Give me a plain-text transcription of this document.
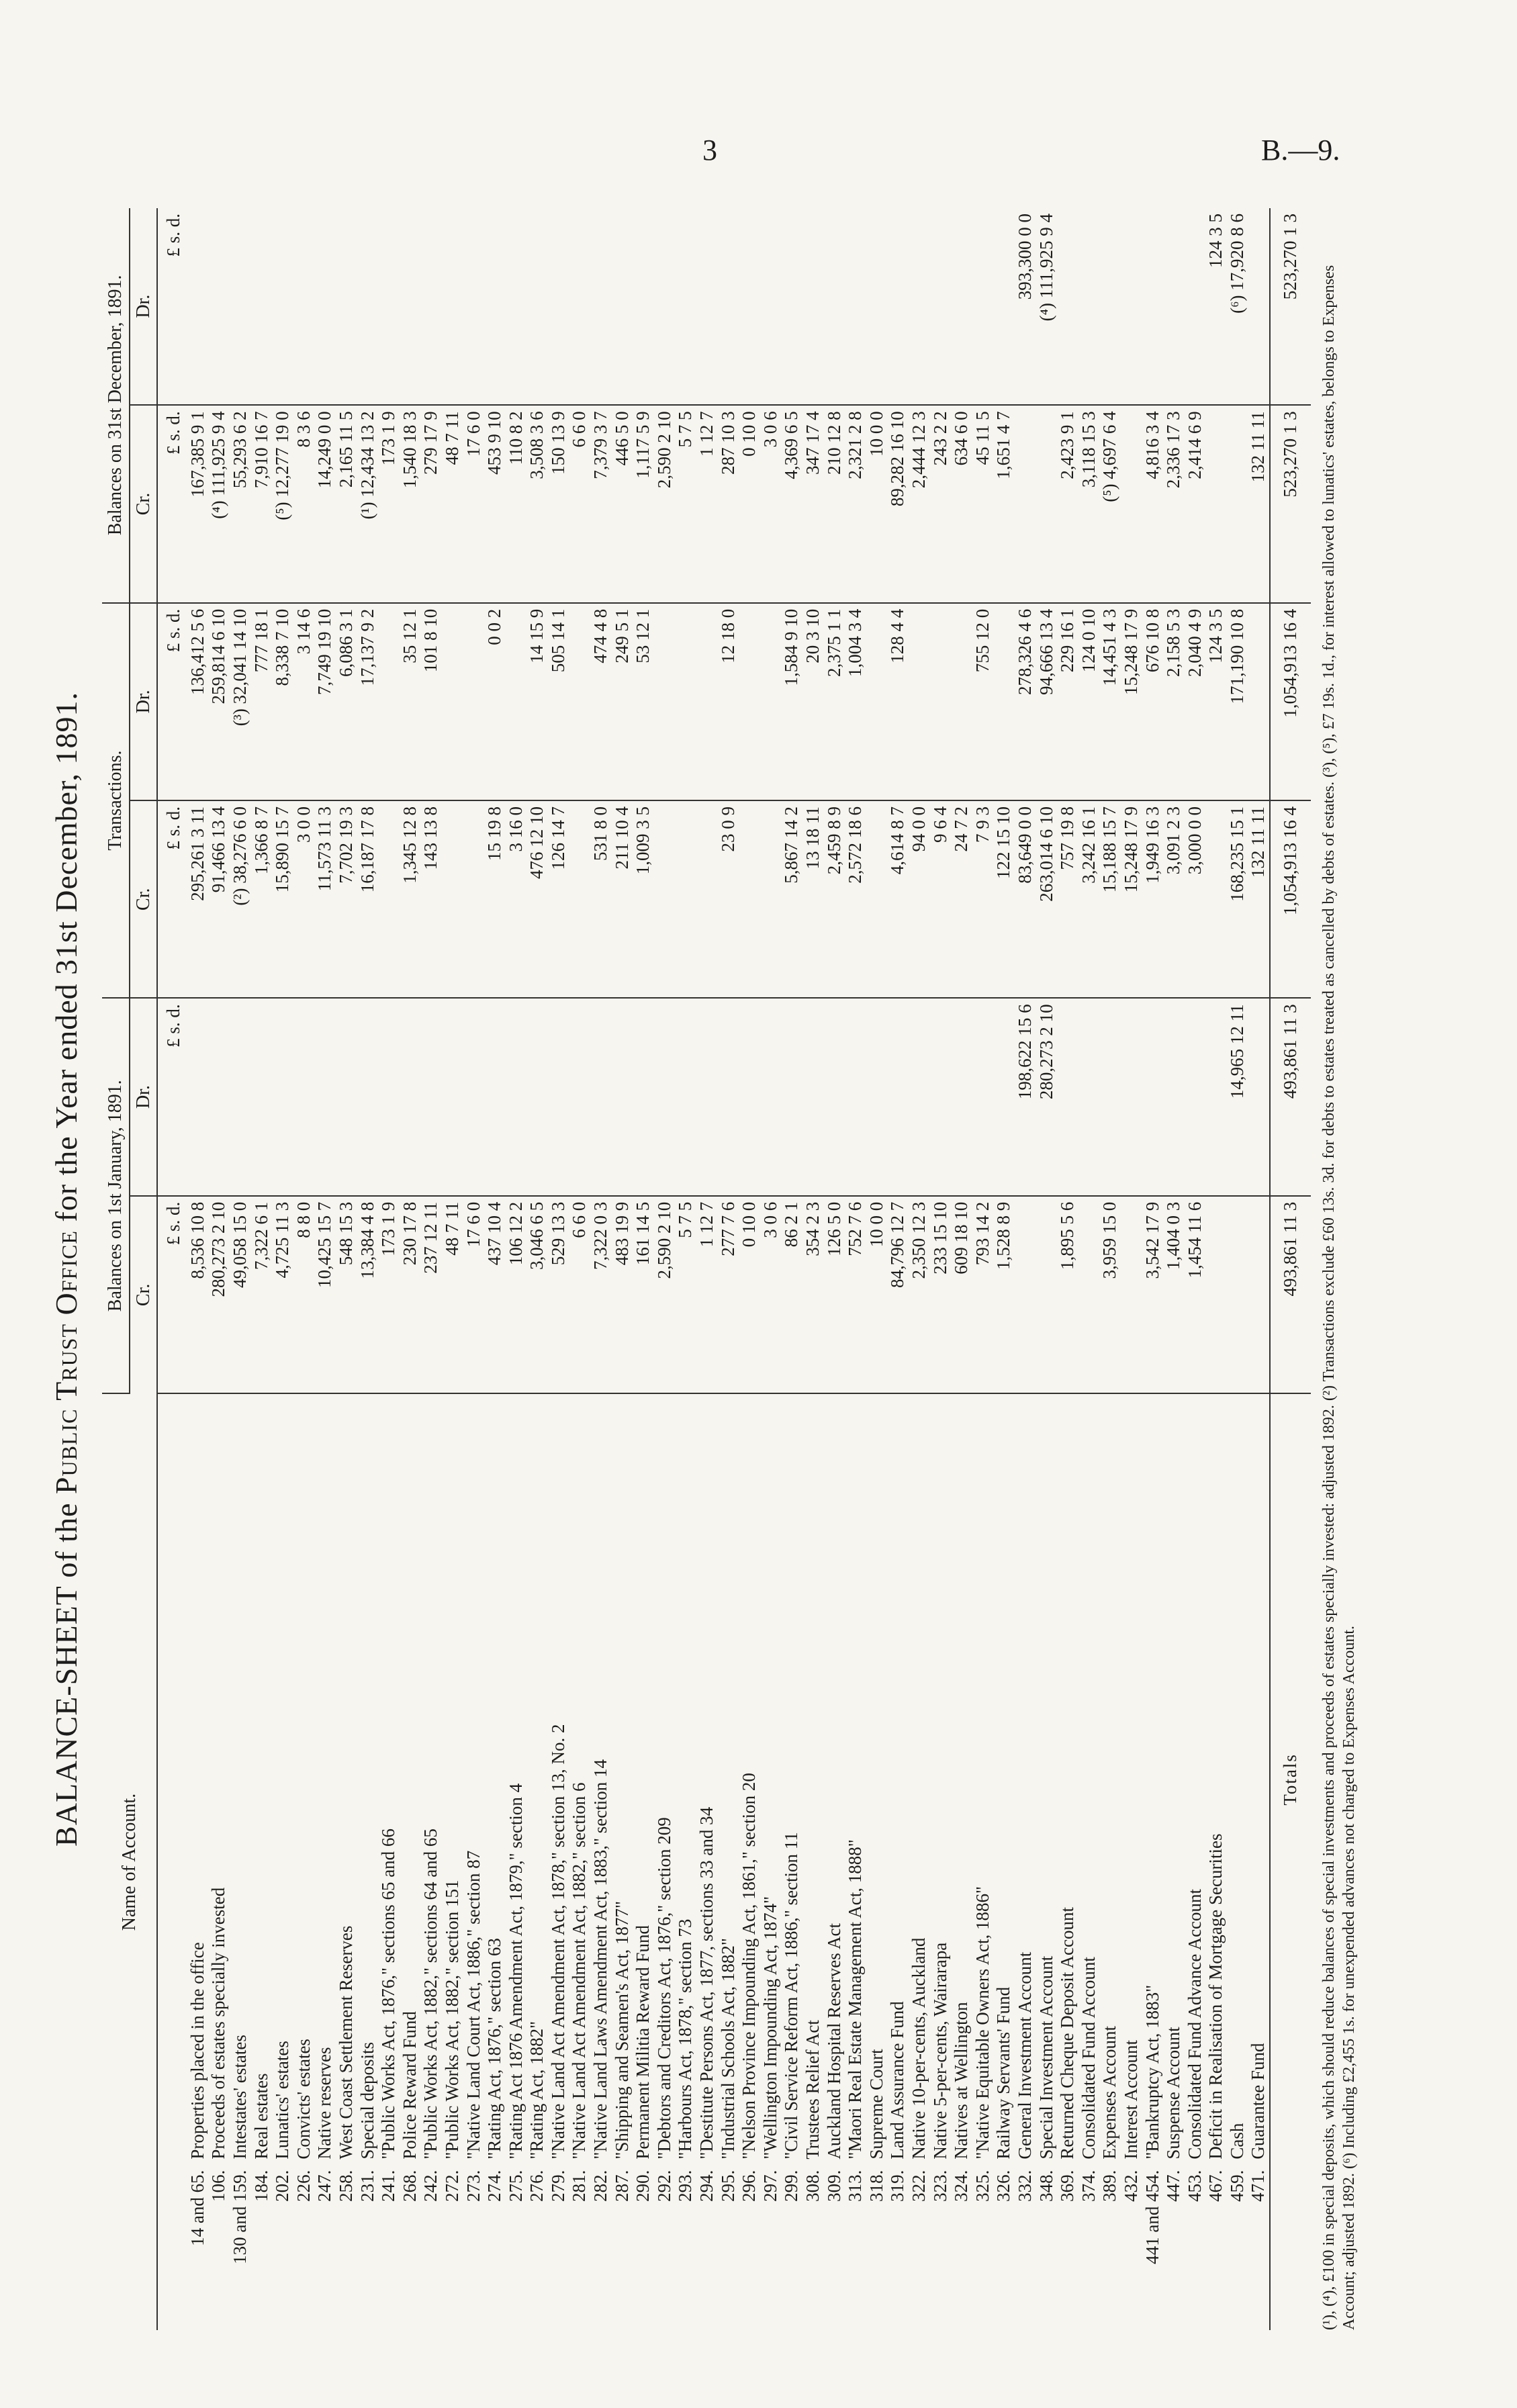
3	B.—9.
BALANCE-SHEET of the Public Trust Office for the Year ended 31st December, 1891.
Name of Account.		Balances on 1st January, 1891.		Transactions.		Balances on 31st December, 1891.	
		Cr.	Dr.	Cr.	Dr.	Cr.	Dr.
		£ s. d.	£ s. d.	£ s. d.	£ s. d.	£ s. d.	£ s. d.
14 and 65.	Properties placed in the office	8,536 10 8		295,261 3 11	136,412 5 6	167,385 9 1	
106.	Proceeds of estates specially invested	280,273 2 10		91,466 13 4	259,814 6 10	(⁴) 111,925 9 4	
130 and 159.	Intestates' estates	49,058 15 0		(²) 38,276 6 0	(³) 32,041 14 10	55,293 6 2	
184.	Real estates	7,322 6 1		1,366 8 7	777 18 1	7,910 16 7	
202.	Lunatics' estates	4,725 11 3		15,890 15 7	8,338 7 10	(⁵) 12,277 19 0	
226.	Convicts' estates	8 8 0		3 0 0	3 14 6	8 3 6	
247.	Native reserves	10,425 15 7		11,573 11 3	7,749 19 10	14,249 0 0	
258.	West Coast Settlement Reserves	548 15 3		7,702 19 3	6,086 3 1	2,165 11 5	
231.	Special deposits	13,384 4 8		16,187 17 8	17,137 9 2	(¹) 12,434 13 2	
241.	"Public Works Act, 1876," sections 65 and 66	173 1 9				173 1 9	
268.	Police Reward Fund	230 17 8		1,345 12 8	35 12 1	1,540 18 3	
242.	"Public Works Act, 1882," sections 64 and 65	237 12 11		143 13 8	101 8 10	279 17 9	
272.	"Public Works Act, 1882," section 151	48 7 11				48 7 11	
273.	"Native Land Court Act, 1886," section 87	17 6 0				17 6 0	
274.	"Rating Act, 1876," section 63	437 10 4		15 19 8	0 0 2	453 9 10	
275.	"Rating Act 1876 Amendment Act, 1879," section 4	106 12 2		3 16 0		110 8 2	
276.	"Rating Act, 1882"	3,046 6 5		476 12 10	14 15 9	3,508 3 6	
279.	"Native Land Act Amendment Act, 1878," section 13, No. 2	529 13 3		126 14 7	505 14 1	150 13 9	
281.	"Native Land Act Amendment Act, 1882," section 6	6 6 0				6 6 0	
282.	"Native Land Laws Amendment Act, 1883," section 14	7,322 0 3		531 8 0	474 4 8	7,379 3 7	
287.	"Shipping and Seamen's Act, 1877"	483 19 9		211 10 4	249 5 1	446 5 0	
290.	Permanent Militia Reward Fund	161 14 5		1,009 3 5	53 12 1	1,117 5 9	
292.	"Debtors and Creditors Act, 1876," section 209	2,590 2 10				2,590 2 10	
293.	"Harbours Act, 1878," section 73	5 7 5				5 7 5	
294.	"Destitute Persons Act, 1877, sections 33 and 34	1 12 7				1 12 7	
295.	"Industrial Schools Act, 1882"	277 7 6		23 0 9	12 18 0	287 10 3	
296.	"Nelson Province Impounding Act, 1861," section 20	0 10 0				0 10 0	
297.	"Wellington Impounding Act, 1874"	3 0 6				3 0 6	
299.	"Civil Service Reform Act, 1886," section 11	86 2 1		5,867 14 2	1,584 9 10	4,369 6 5	
308.	Trustees Relief Act	354 2 3		13 18 11	20 3 10	347 17 4	
309.	Auckland Hospital Reserves Act	126 5 0		2,459 8 9	2,375 1 1	210 12 8	
313.	"Maori Real Estate Management Act, 1888"	752 7 6		2,572 18 6	1,004 3 4	2,321 2 8	
318.	Supreme Court	10 0 0				10 0 0	
319.	Land Assurance Fund	84,796 12 7		4,614 8 7	128 4 4	89,282 16 10	
322.	Native 10-per-cents, Auckland	2,350 12 3		94 0 0		2,444 12 3	
323.	Native 5-per-cents, Wairarapa	233 15 10		9 6 4		243 2 2	
324.	Natives at Wellington	609 18 10		24 7 2		634 6 0	
325.	"Native Equitable Owners Act, 1886"	793 14 2		7 9 3	755 12 0	45 11 5	
326.	Railway Servants' Fund	1,528 8 9		122 15 10		1,651 4 7	
332.	General Investment Account		198,622 15 6	83,649 0 0	278,326 4 6		393,300 0 0
348.	Special Investment Account		280,273 2 10	263,014 6 10	94,666 13 4		(⁴) 111,925 9 4
369.	Returned Cheque Deposit Account	1,895 5 6		757 19 8	229 16 1	2,423 9 1	
374.	Consolidated Fund Account			3,242 16 1	124 0 10	3,118 15 3	
389.	Expenses Account	3,959 15 0		15,188 15 7	14,451 4 3	(⁵) 4,697 6 4	
432.	Interest Account			15,248 17 9	15,248 17 9		
441 and 454.	"Bankruptcy Act, 1883"	3,542 17 9		1,949 16 3	676 10 8	4,816 3 4	
447.	Suspense Account	1,404 0 3		3,091 2 3	2,158 5 3	2,336 17 3	
453.	Consolidated Fund Advance Account	1,454 11 6		3,000 0 0	2,040 4 9	2,414 6 9	
467.	Deficit in Realisation of Mortgage Securities				124 3 5		124 3 5
459.	Cash		14,965 12 11	168,235 15 1	171,190 10 8		(⁶) 17,920 8 6
471.	Guarantee Fund			132 11 11		132 11 11	
	Totals	493,861 11 3	493,861 11 3	1,054,913 16 4	1,054,913 16 4	523,270 1 3	523,270 1 3

(¹), (⁴), £100 in special deposits, which should reduce balances of special investments and proceeds of estates specially invested: adjusted 1892. (²) Transactions exclude £60 13s. 3d. for debts to estates treated as cancelled by debts of estates. (³), (⁵), £7 19s. 1d., for interest allowed to lunatics' estates, belongs to Expenses Account; adjusted 1892. (⁶) Including £2,455 1s. for unexpended advances not charged to Expenses Account.
